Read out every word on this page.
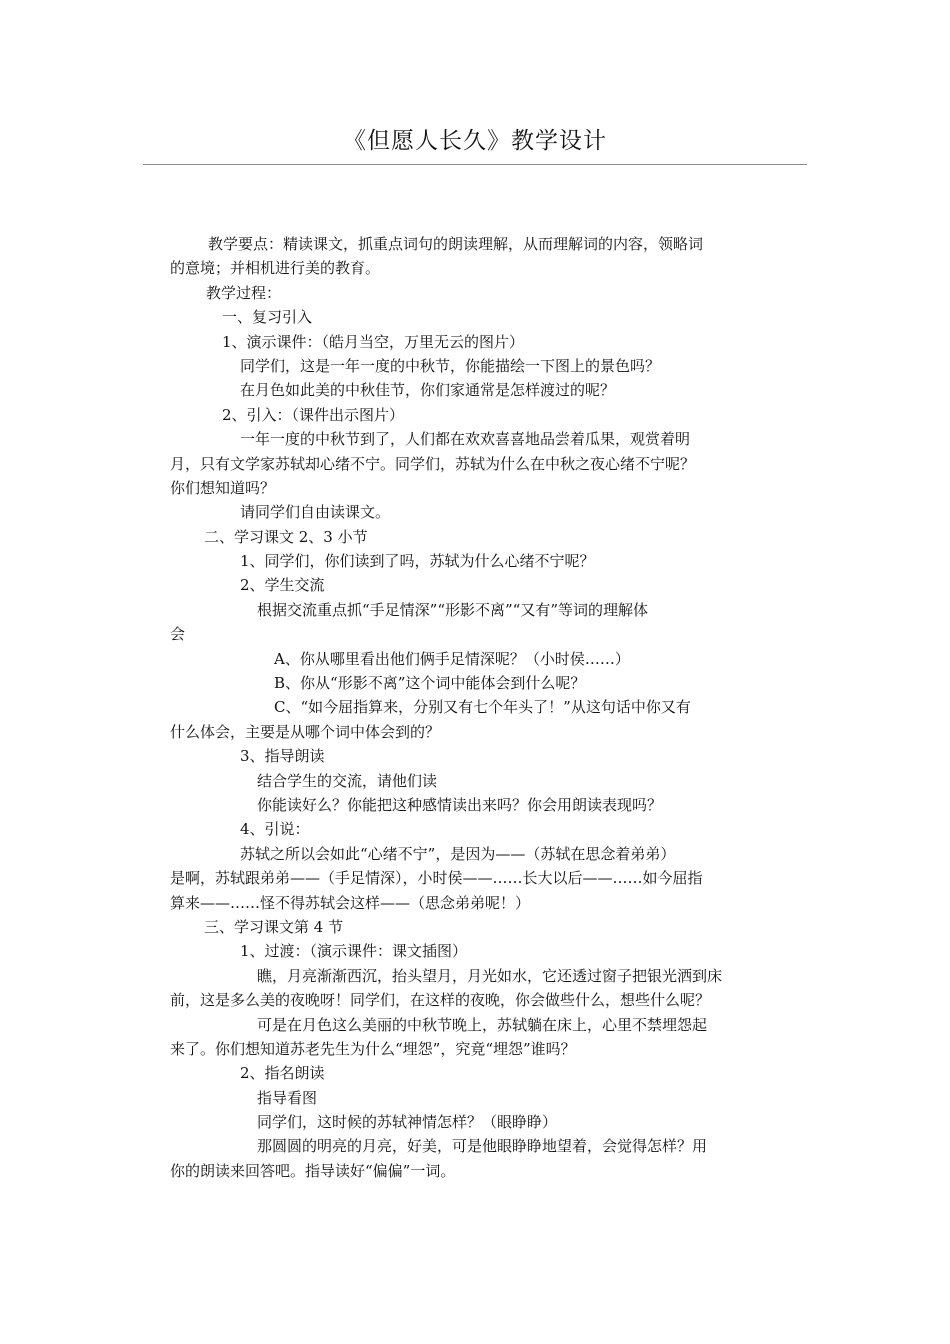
《但愿人长久》教学设计
教学要点：精读课文，抓重点词句的朗读理解，从而理解词的内容，领略词
的意境；并相机进行美的教育。
教学过程：
一、复习引入
1、演示课件：（皓月当空，万里无云的图片）
同学们，这是一年一度的中秋节，你能描绘一下图上的景色吗？
在月色如此美的中秋佳节，你们家通常是怎样渡过的呢？
2、引入：（课件出示图片）
一年一度的中秋节到了，人们都在欢欢喜喜地品尝着瓜果，观赏着明
月，只有文学家苏轼却心绪不宁。同学们，苏轼为什么在中秋之夜心绪不宁呢？
你们想知道吗？
请同学们自由读课文。
二、学习课文 2、3 小节
1、同学们，你们读到了吗，苏轼为什么心绪不宁呢？
2、学生交流
根据交流重点抓“手足情深”“形影不离”“又有”等词的理解体
会
A、你从哪里看出他们俩手足情深呢？（小时侯……）
B、你从“形影不离”这个词中能体会到什么呢？
C、“如今屈指算来，分别又有七个年头了！”从这句话中你又有
什么体会，主要是从哪个词中体会到的？
3、指导朗读
结合学生的交流，请他们读
你能读好么？你能把这种感情读出来吗？你会用朗读表现吗？
4、引说：
苏轼之所以会如此“心绪不宁”，是因为——（苏轼在思念着弟弟）
是啊，苏轼跟弟弟——（手足情深），小时侯——……长大以后——……如今屈指
算来——……怪不得苏轼会这样——（思念弟弟呢！）
三、学习课文第 4 节
1、过渡：（演示课件：课文插图）
瞧，月亮渐渐西沉，抬头望月，月光如水，它还透过窗子把银光洒到床
前，这是多么美的夜晚呀！同学们，在这样的夜晚，你会做些什么，想些什么呢？
可是在月色这么美丽的中秋节晚上，苏轼躺在床上，心里不禁埋怨起
来了。你们想知道苏老先生为什么“埋怨”，究竟“埋怨”谁吗？
2、指名朗读
指导看图
同学们，这时候的苏轼神情怎样？（眼睁睁）
那圆圆的明亮的月亮，好美，可是他眼睁睁地望着，会觉得怎样？用
你的朗读来回答吧。指导读好“偏偏”一词。
